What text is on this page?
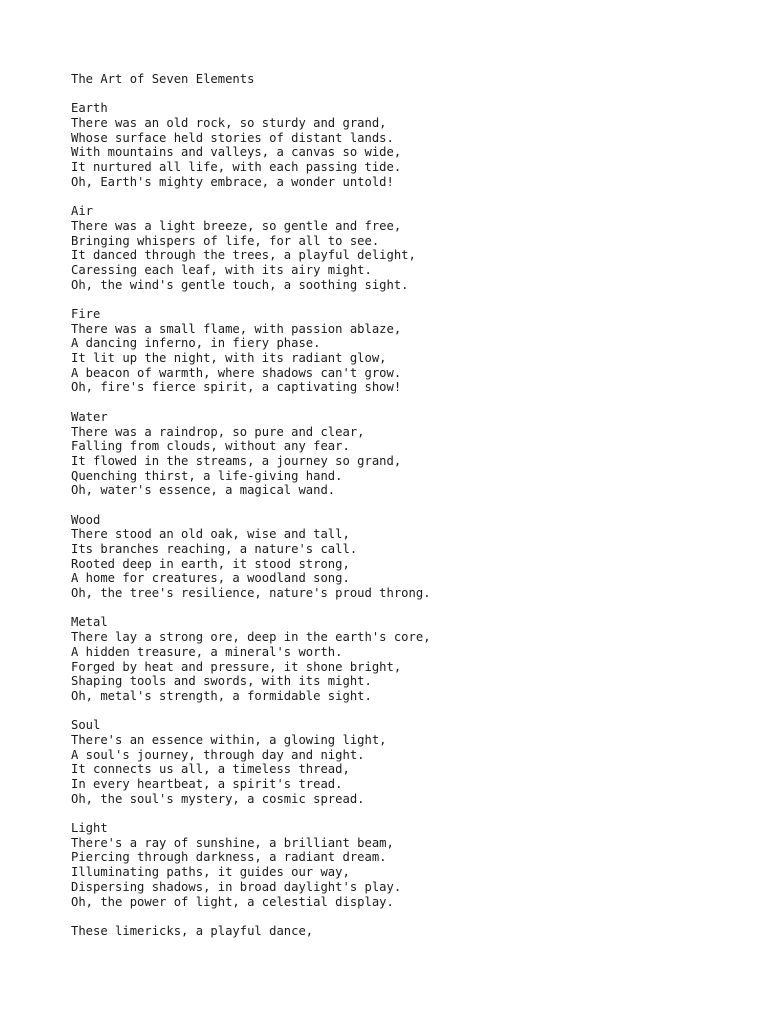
The Art of Seven Elements
Earth
There was an old rock, so sturdy and grand,
Whose surface held stories of distant lands.
With mountains and valleys, a canvas so wide,
It nurtured all life, with each passing tide.
Oh, Earth's mighty embrace, a wonder untold!
Air
There was a light breeze, so gentle and free,
Bringing whispers of life, for all to see.
It danced through the trees, a playful delight,
Caressing each leaf, with its airy might.
Oh, the wind's gentle touch, a soothing sight.
Fire
There was a small flame, with passion ablaze,
A dancing inferno, in fiery phase.
It lit up the night, with its radiant glow,
A beacon of warmth, where shadows can't grow.
Oh, fire's fierce spirit, a captivating show!
Water
There was a raindrop, so pure and clear,
Falling from clouds, without any fear.
It flowed in the streams, a journey so grand,
Quenching thirst, a life-giving hand.
Oh, water's essence, a magical wand.
Wood
There stood an old oak, wise and tall,
Its branches reaching, a nature's call.
Rooted deep in earth, it stood strong,
A home for creatures, a woodland song.
Oh, the tree's resilience, nature's proud throng.
Metal
There lay a strong ore, deep in the earth's core,
A hidden treasure, a mineral's worth.
Forged by heat and pressure, it shone bright,
Shaping tools and swords, with its might.
Oh, metal's strength, a formidable sight.
Soul
There's an essence within, a glowing light,
A soul's journey, through day and night.
It connects us all, a timeless thread,
In every heartbeat, a spirit's tread.
Oh, the soul's mystery, a cosmic spread.
Light
There's a ray of sunshine, a brilliant beam,
Piercing through darkness, a radiant dream.
Illuminating paths, it guides our way,
Dispersing shadows, in broad daylight's play.
Oh, the power of light, a celestial display.
These limericks, a playful dance,
